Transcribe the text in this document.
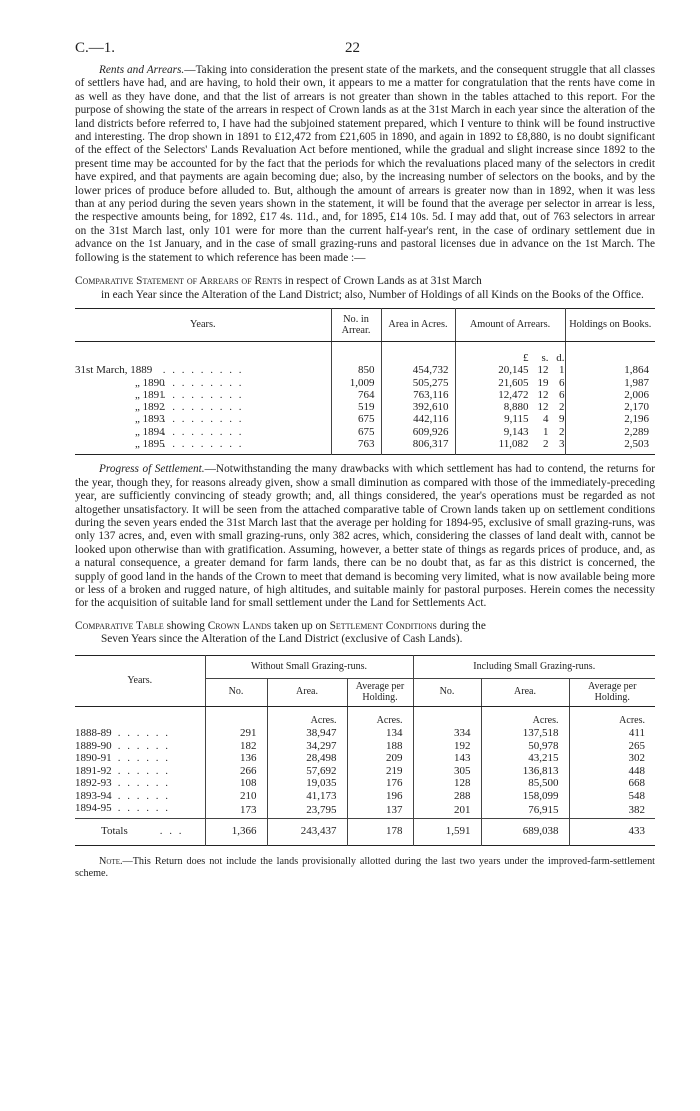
C.—1.	22

Rents and Arrears.—Taking into consideration the present state of the markets, and the consequent struggle that all classes of settlers have had, and are having, to hold their own, it appears to me a matter for congratulation that the rents have come in as well as they have done, and that the list of arrears is not greater than shown in the tables attached to this report. For the purpose of showing the state of the arrears in respect of Crown lands as at the 31st March in each year since the alteration of the land districts before referred to, I have had the subjoined statement prepared, which I venture to think will be found instructive and interesting. The drop shown in 1891 to £12,472 from £21,605 in 1890, and again in 1892 to £8,880, is no doubt significant of the effect of the Selectors' Lands Revaluation Act before mentioned, while the gradual and slight increase since 1892 to the present time may be accounted for by the fact that the periods for which the revaluations placed many of the selectors in credit have expired, and that payments are again becoming due; also, by the increasing number of selectors on the books, and by the lower prices of produce before alluded to. But, although the amount of arrears is greater now than in 1892, when it was less than at any period during the seven years shown in the statement, it will be found that the average per selector in arrear is less, the respective amounts being, for 1892, £17 4s. 11d., and, for 1895, £14 10s. 5d. I may add that, out of 763 selectors in arrear on the 31st March last, only 101 were for more than the current half-year's rent, in the case of ordinary settlement due in advance on the 1st January, and in the case of small grazing-runs and pastoral licenses due in advance on the 1st March. The following is the statement to which reference has been made :—

Comparative Statement of Arrears of Rents in respect of Crown Lands as at 31st March
in each Year since the Alteration of the Land District; also, Number of Holdings of all Kinds on the Books of the Office.

Years.	No. in Arrear.	Area in Acres.	Amount of Arrears.	Holdings on Books.

			£ s. d.	

31st March, 1889 . . . . . . . . .	850	454,732	20,145 12 1	1,864
„ 1890 . . . . . . . . .	1,009	505,275	21,605 19 6	1,987
„ 1891 . . . . . . . . .	764	763,116	12,472 12 6	2,006
„ 1892 . . . . . . . . .	519	392,610	8,880 12 2	2,170
„ 1893 . . . . . . . . .	675	442,116	9,115 4 9	2,196
„ 1894 . . . . . . . . .	675	609,926	9,143 1 2	2,289
„ 1895 . . . . . . . . .	763	806,317	11,082 2 3	2,503

Progress of Settlement.—Notwithstanding the many drawbacks with which settlement has had to contend, the returns for the year, though they, for reasons already given, show a small diminution as compared with those of the immediately-preceding year, are sufficiently convincing of steady growth; and, all things considered, the year's operations must be regarded as not altogether unsatisfactory. It will be seen from the attached comparative table of Crown lands taken up on settlement conditions during the seven years ended the 31st March last that the average per holding for 1894-95, exclusive of small grazing-runs, was only 137 acres, and, even with small grazing-runs, only 382 acres, which, considering the classes of land dealt with, cannot be looked upon otherwise than with gratification. Assuming, however, a better state of things as regards prices of produce, and, as a natural consequence, a greater demand for farm lands, there can be no doubt that, as far as this district is concerned, the supply of good land in the hands of the Crown to meet that demand is becoming very limited, what is now available being more or less of a broken and rugged nature, of high altitudes, and suitable mainly for pastoral purposes. Herein comes the necessity for the acquisition of suitable land for small settlement under the Land for Settlements Act.

Comparative Table showing Crown Lands taken up on Settlement Conditions during the
Seven Years since the Alteration of the Land District (exclusive of Cash Lands).

Years.	Without Small Grazing-runs.			Including Small Grazing-runs.		
	No.	Area.	Average per Holding.	No.	Area.	Average per Holding.
		Acres.	Acres.		Acres.	Acres.
1888-89 . . . . . .	291	38,947	134	334	137,518	411
1889-90 . . . . . .	182	34,297	188	192	50,978	265
1890-91 . . . . . .	136	28,498	209	143	43,215	302
1891-92 . . . . . .	266	57,692	219	305	136,813	448
1892-93 . . . . . .	108	19,035	176	128	85,500	668
1893-94 . . . . . .	210	41,173	196	288	158,099	548
1894-95 . . . . . .	173	23,795	137	201	76,915	382
Totals . . .	1,366	243,437	178	1,591	689,038	433

Note.—This Return does not include the lands provisionally allotted during the last two years under the improved-farm-settlement scheme.
